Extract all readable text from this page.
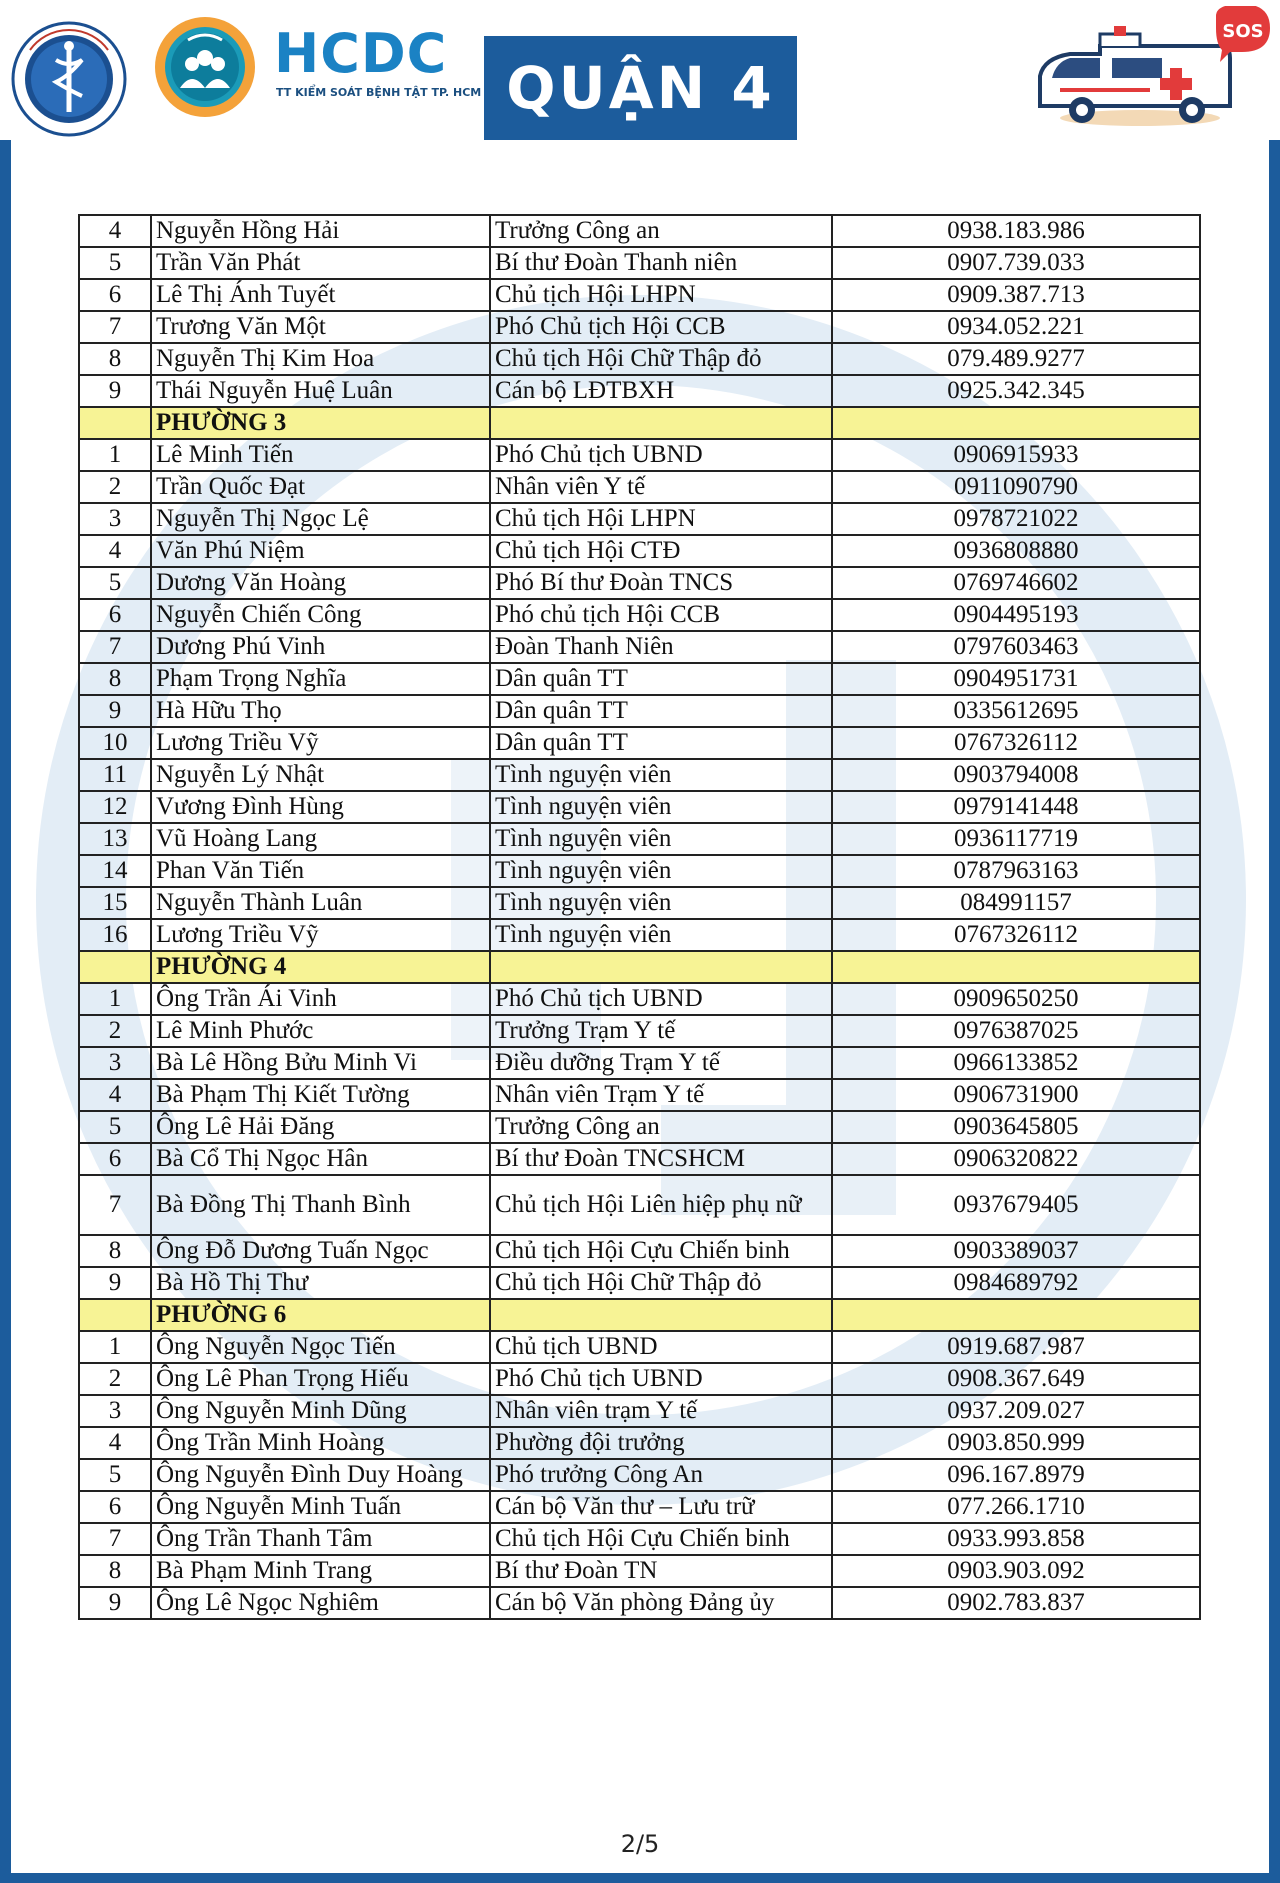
HCDC
TT KIỂM SOÁT BỆNH TẬT TP. HCM QUẬN 4
SOS
4	Nguyễn Hồng Hải	Trưởng Công an	0938.183.986
5	Trần Văn Phát	Bí thư Đoàn Thanh niên	0907.739.033
6	Lê Thị Ánh Tuyết	Chủ tịch Hội LHPN	0909.387.713
7	Trương Văn Một	Phó Chủ tịch Hội CCB	0934.052.221
8	Nguyễn Thị Kim Hoa	Chủ tịch Hội Chữ Thập đỏ	079.489.9277
9	Thái Nguyễn Huệ Luân	Cán bộ LĐTBXH	0925.342.345
	PHƯỜNG 3		
1	Lê Minh Tiến	Phó Chủ tịch UBND	0906915933
2	Trần Quốc Đạt	Nhân viên Y tế	0911090790
3	Nguyễn Thị Ngọc Lệ	Chủ tịch Hội LHPN	0978721022
4	Văn Phú Niệm	Chủ tịch Hội CTĐ	0936808880
5	Dương Văn Hoàng	Phó Bí thư Đoàn TNCS	0769746602
6	Nguyễn Chiến Công	Phó chủ tịch Hội CCB	0904495193
7	Dương Phú Vinh	Đoàn Thanh Niên	0797603463
8	Phạm Trọng Nghĩa	Dân quân TT	0904951731
9	Hà Hữu Thọ	Dân quân TT	0335612695
10	Lương Triều Vỹ	Dân quân TT	0767326112
11	Nguyễn Lý Nhật	Tình nguyện viên	0903794008
12	Vương Đình Hùng	Tình nguyện viên	0979141448
13	Vũ Hoàng Lang	Tình nguyện viên	0936117719
14	Phan Văn Tiến	Tình nguyện viên	0787963163
15	Nguyễn Thành Luân	Tình nguyện viên	084991157
16	Lương Triều Vỹ	Tình nguyện viên	0767326112
	PHƯỜNG 4		
1	Ông Trần Ái Vinh	Phó Chủ tịch UBND	0909650250
2	Lê Minh Phước	Trưởng Trạm Y tế	0976387025
3	Bà Lê Hồng Bửu Minh Vi	Điều dưỡng Trạm Y tế	0966133852
4	Bà Phạm Thị Kiết Tường	Nhân viên Trạm Y tế	0906731900
5	Ông Lê Hải Đăng	Trưởng Công an	0903645805
6	Bà Cổ Thị Ngọc Hân	Bí thư Đoàn TNCSHCM	0906320822
7	Bà Đồng Thị Thanh Bình	Chủ tịch Hội Liên hiệp phụ nữ	0937679405
8	Ông Đỗ Dương Tuấn Ngọc	Chủ tịch Hội Cựu Chiến binh	0903389037
9	Bà Hồ Thị Thư	Chủ tịch Hội Chữ Thập đỏ	0984689792
	PHƯỜNG 6		
1	Ông Nguyễn Ngọc Tiến	Chủ tịch UBND	0919.687.987
2	Ông Lê Phan Trọng Hiếu	Phó Chủ tịch UBND	0908.367.649
3	Ông Nguyễn Minh Dũng	Nhân viên trạm Y tế	0937.209.027
4	Ông Trần Minh Hoàng	Phường đội trưởng	0903.850.999
5	Ông Nguyễn Đình Duy Hoàng	Phó trưởng Công An	096.167.8979
6	Ông Nguyễn Minh Tuấn	Cán bộ Văn thư – Lưu trữ	077.266.1710
7	Ông Trần Thanh Tâm	Chủ tịch Hội Cựu Chiến binh	0933.993.858
8	Bà Phạm Minh Trang	Bí thư Đoàn TN	0903.903.092
9	Ông Lê Ngọc Nghiêm	Cán bộ Văn phòng Đảng ủy	0902.783.837
2/5
